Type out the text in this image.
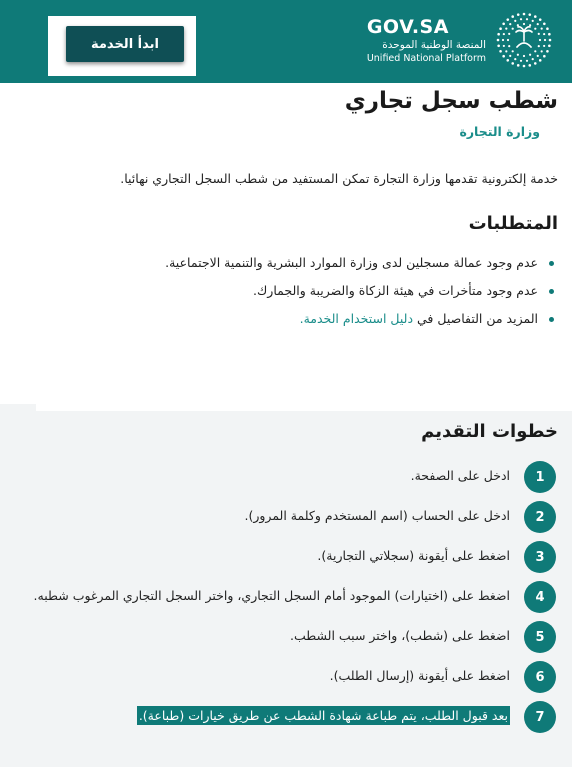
ابدأ الخدمة
GOV.SA
المنصة الوطنية الموحدة
Unified National Platform
شطب سجل تجاري
وزارة التجارة

خدمة إلكترونية تقدمها وزارة التجارة تمكن المستفيد من شطب السجل التجاري نهائيا.

المتطلبات
عدم وجود عمالة مسجلين لدى وزارة الموارد البشرية والتنمية الاجتماعية.
عدم وجود متأخرات في هيئة الزكاة والضريبة والجمارك.
المزيد من التفاصيل في دليل استخدام الخدمة.
خطوات التقديم
1
ادخل على الصفحة.
2
ادخل على الحساب (اسم المستخدم وكلمة المرور).
3
اضغط على أيقونة (سجلاتي التجارية).
4
اضغط على (اختيارات) الموجود أمام السجل التجاري، واختر السجل التجاري المرغوب شطبه.
5
اضغط على (شطب)، واختر سبب الشطب.
6
اضغط على أيقونة (إرسال الطلب).
7
بعد قبول الطلب، يتم طباعة شهادة الشطب عن طريق خيارات (طباعة).
